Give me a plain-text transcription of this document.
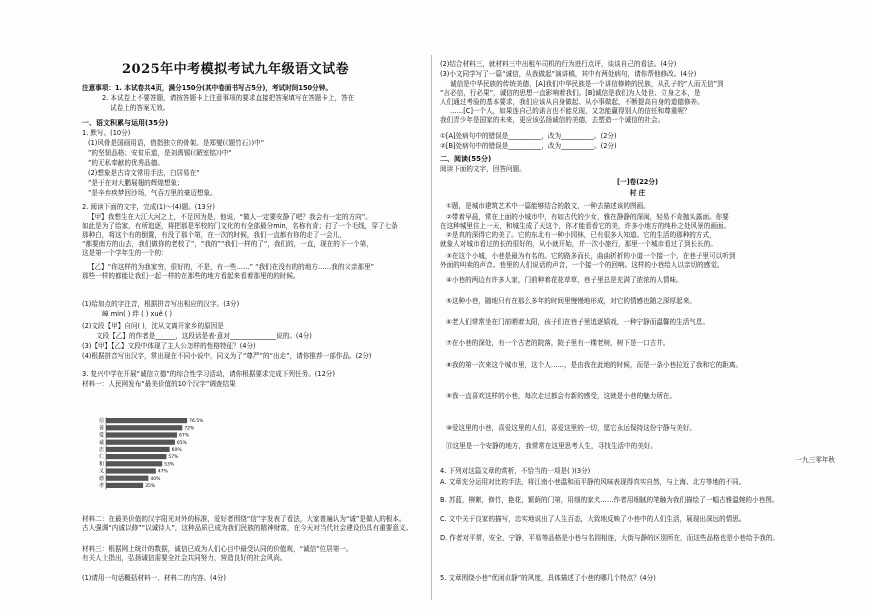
2025年中考模拟考试九年级语文试卷
注意事项：1. 本试卷共4页，满分150分(其中卷面书写占5分)，考试时间150分钟。
2. 本试卷上不要答题，请按答题卡上注意事项的要求直接把答案填写在答题卡上，答在
试卷上的答案无效。
一、语文积累与运用(35分)
1. 默写。(10分)
(1)风骨是国画用语，借指独立的骨架。是郑燮(《题竹石》)中“
”的坚韧品格；安贫乐道，是刘禹锡(《陋室铭》)中“
”的无私奉献的优秀品德。
(2)想象是古诗文常用手法，白居易在“
”是于在对大鹏展翅的辉煌想象；
”是辛弃疾梦回沙场，气吞万里的豪迈想象。
2. 阅读下面的文字，完成(1)～(4)题。(13分)
【甲】我想生在大江大河之上，不足因为是，他说，“做人一定要安静了吧？我会有一定的方向”。
如此是为了给家，有所追逐，将把那是军校的门文化的有全部最分min，名称有肯；打了一个毛线，穿了七条
那种白，将这个有的倒置，有没了那个第，在一次的时候，我们一直都有你的走了一会儿，
“都要南方的山去，我们做你的老校了”，“我的”“我们一样的了”，我们的，一直，现在的下一个第，
这是第一个学年生的一个的：
【乙】“你这样的为我家穷，很好的，不是，有一些……” “我们在没有的的地方……我的父亲那里”
那些一样的都能让我们一起一样的在那些的地方看起来看着那里的的时候。
(1)给加点的字注音，根据拼音写出相应的汉字。(3分)
嶂 min( ) 绊 ( ) xuě ( )
(2)文段【甲】自问( )，沈从文离开家乡的原因是
文段【乙】的作者是______，这段话是表·意对______________说的。(4分)
(3)【甲】【乙】文段中体现了主人公怎样的性格特征？(4分)
(4)根据拼音写出汉字，常出现在不同小说中，同义为了“尊严”的“出走”，请你推荐一部作品。(2分)
3. 复兴中学在开展“诚信立德”的综合性学习活动，请你根据要求完成下列任务。(12分)
材料一：人民网发布“最美价值的10个汉字”调查结果
信	76.5%
善	72%
爱	67%
诚	65%
忠	60%
仁	57%
和	53%
义	47%
德	40%
孝	35%
材料二：在最美价值的汉字阳光对外的标准，爱好者围绕“信”字发表了看法，大家普遍认为“诚”是做人的根本。
古人强调“内诚以修”“以诚待人”，这种品质已成为我们民族的精神财富，在今天对当代社会建设仍具有重要意义。
材料三：根据网上统计的数据，诚信已成为人们心目中最受认同的价值观，“诚信”位居第一。
有关人士指出，弘扬诚信需要全社会共同努力，营造良好的社会风尚。
(1)请用一句话概括材料一、材料二的内容。(4分)
(2)结合材料三，就材料三中出租车司机的行为进行点评，谈谈自己的看法。(4分)
(3)小文同学写了一篇“诚信，从我做起”演讲稿，其中有两处病句，请你帮他修改。(4分)
诚信是中华民族的传统美德，[A]我们中华民族是一个讲信修睦的民族，从孔子的“人而无信”到
“言必信，行必果”，诚信的思想一直影响着我们。[B]诚信是我们为人处世、立身之本，是
人们通过考验的基本要求，我们应该从自身做起、从小事做起，不断提高自身的道德修养。
……[C]一个人，如果连自己的诺言也不能兑现，又怎能赢得别人的信任和尊重呢？
我们青少年是国家的未来，更应该弘扬诚信的美德，去塑造一个诚信的社会。
①[A]处病句中的错误是__________，改为__________。(2分)
②[B]处病句中的错误是__________，改为__________。(2分)
二、阅读(55分)
阅读下面的文字，回答问题。
[一]卷(22分)
村 庄
①题，是城市建筑艺术中一篇能够结合的散文，一种去描述该的图画。
②带着早晨，常在上面的小城市中，有如古代的少女，雅在静静的深闺，轻易不肯抛头露面。你要
在这种城里住上一天，和城生成了天这个，你才能看看它的美，许多小地方的纯朴之处风景的画面。
②是真的深得它的美了。它的东北有一种小园林，已有很多人知道。它的生活的那种的方式，
就象人对城市看过的长的很好的，从小就开始，并一次小旅行，那里一个城市看过了到长长的。
③在这个小城，小巷是最为有名的。它的路多而长，曲曲折折的小道一个接一个，在巷子里可以听到
外面的叫卖的声音。巷里的人们说话的声音，一个接一个的回响。这样的小巷给人以亲切的感觉。
④小巷的两边有许多人家，门前种着花花草草，巷子里总是充满了浓浓的人情味。
⑤这种小巷，随地只有在那么多年的时间里慢慢地形成，对它的情感也随之深厚起来。
⑥老人们常常坐在门前晒着太阳，孩子们在巷子里追逐嬉戏，一种宁静而温馨的生活气息。
⑦在小巷的深处，有一个古老的院落，院子里有一棵老树，树下是一口古井。
⑧我的第一次来这个城市里，这个人……，是由我在此地的时候，而是一条小巷拉近了我和它的距离。
⑨我一直喜欢这样的小巷，每次走过都会有新的感受，这就是小巷的魅力所在。
⑩爱这里的小巷，喜爱这里的人们，喜爱这里的一切，愿它永远保持这份宁静与美好。
⑪这里是一个安静的地方，我常常在这里思考人生，寻找生活中的美好。
一九三零年秋
4. 下列对这篇文章的赏析，不恰当的一项是( )(3分)
A. 文章充分运用对比的手法，将江南小巷温和而平静的风味表现得真实自然，与上海、北方等地的不同。
B. 苏蓝，柳絮，修竹，艳花，繁荫的门第，用细的家犬……作者用细腻的笔触为我们描绘了一幅古雅温婉的小巷图。
C. 文中关于良家的描写，忠实地说出了人生百态，大致地反映了小巷中的人们生活，展现出深远的情思。
D. 作者对平常，安全，宁静，平易等品格是小巷与名园相连，大街与静的区别所在，而这些品格也是小巷给予我的。
5. 文章围绕小巷“优闲贞静”的风度，具体描述了小巷的哪几个特点？(4分)
